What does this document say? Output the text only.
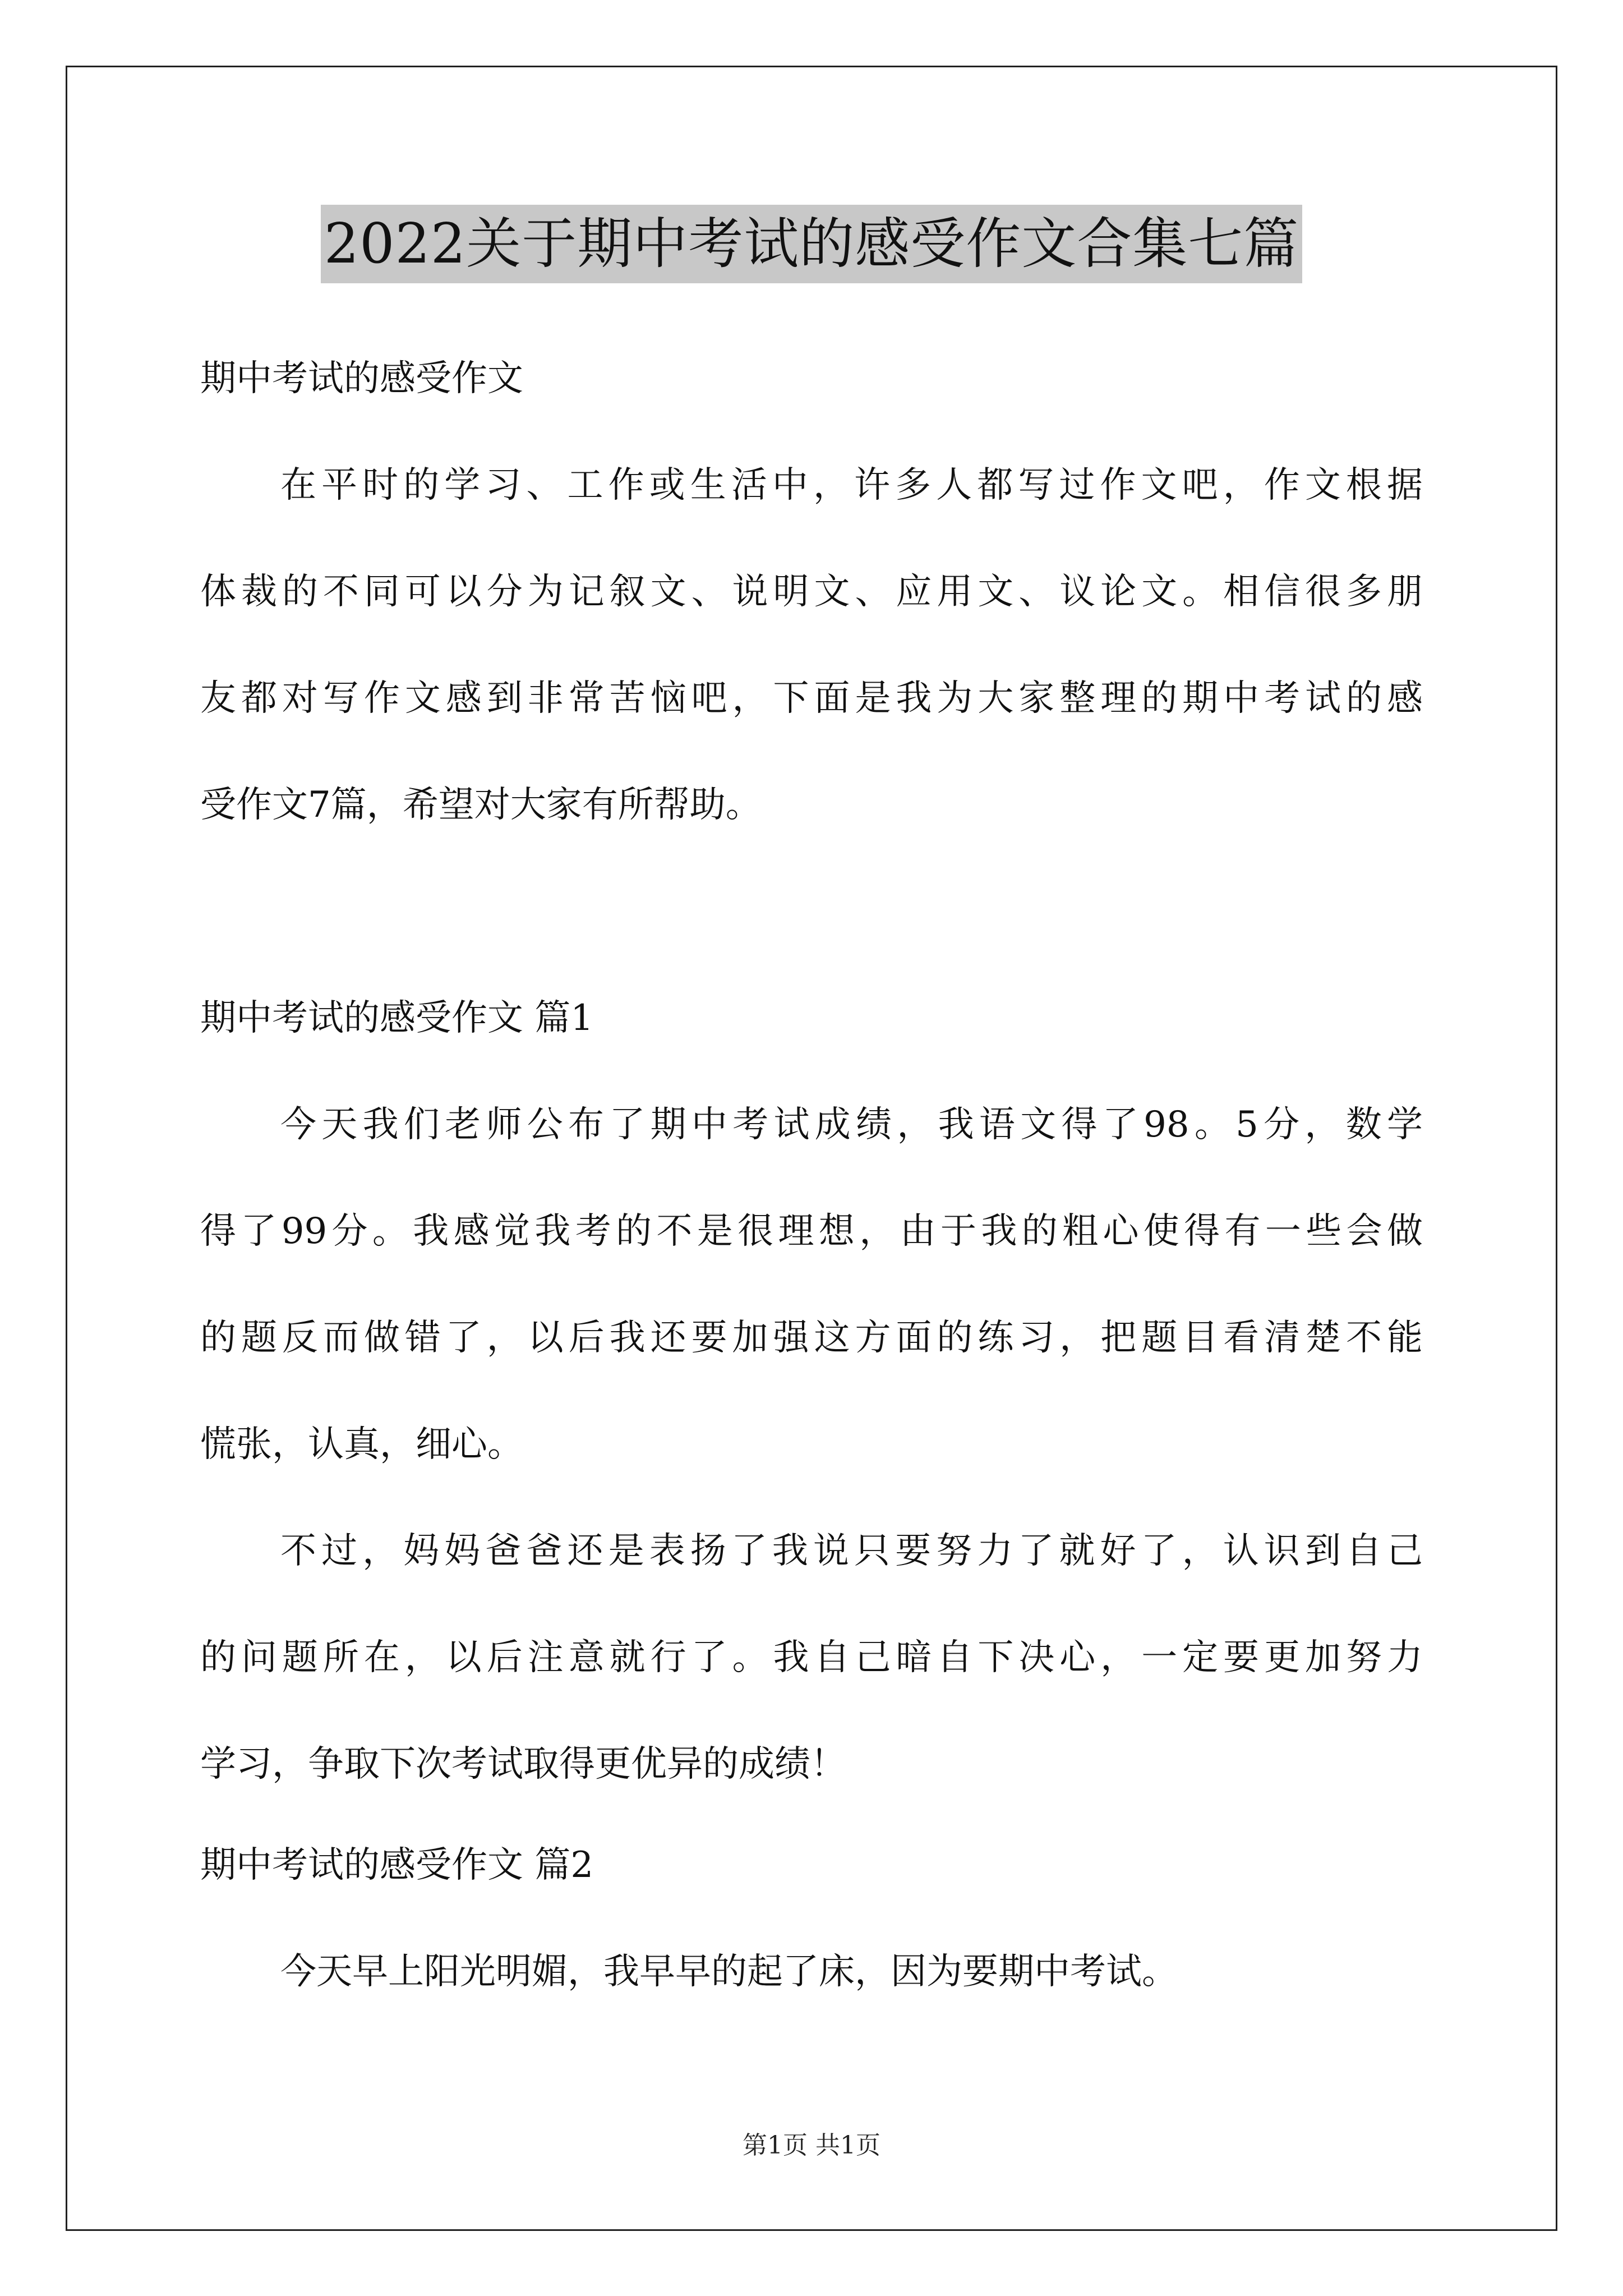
2022关于期中考试的感受作文合集七篇
期中考试的感受作文
在平时的学习、工作或生活中，许多人都写过作文吧，作文根据
体裁的不同可以分为记叙文、说明文、应用文、议论文。相信很多朋
友都对写作文感到非常苦恼吧，下面是我为大家整理的期中考试的感
受作文7篇，希望对大家有所帮助。
期中考试的感受作文 篇1
今天我们老师公布了期中考试成绩，我语文得了98。5分，数学
得了99分。我感觉我考的不是很理想，由于我的粗心使得有一些会做
的题反而做错了，以后我还要加强这方面的练习，把题目看清楚不能
慌张，认真，细心。
不过，妈妈爸爸还是表扬了我说只要努力了就好了，认识到自己
的问题所在，以后注意就行了。我自己暗自下决心，一定要更加努力
学习，争取下次考试取得更优异的成绩！
期中考试的感受作文 篇2
今天早上阳光明媚，我早早的起了床，因为要期中考试。
第1页 共1页
